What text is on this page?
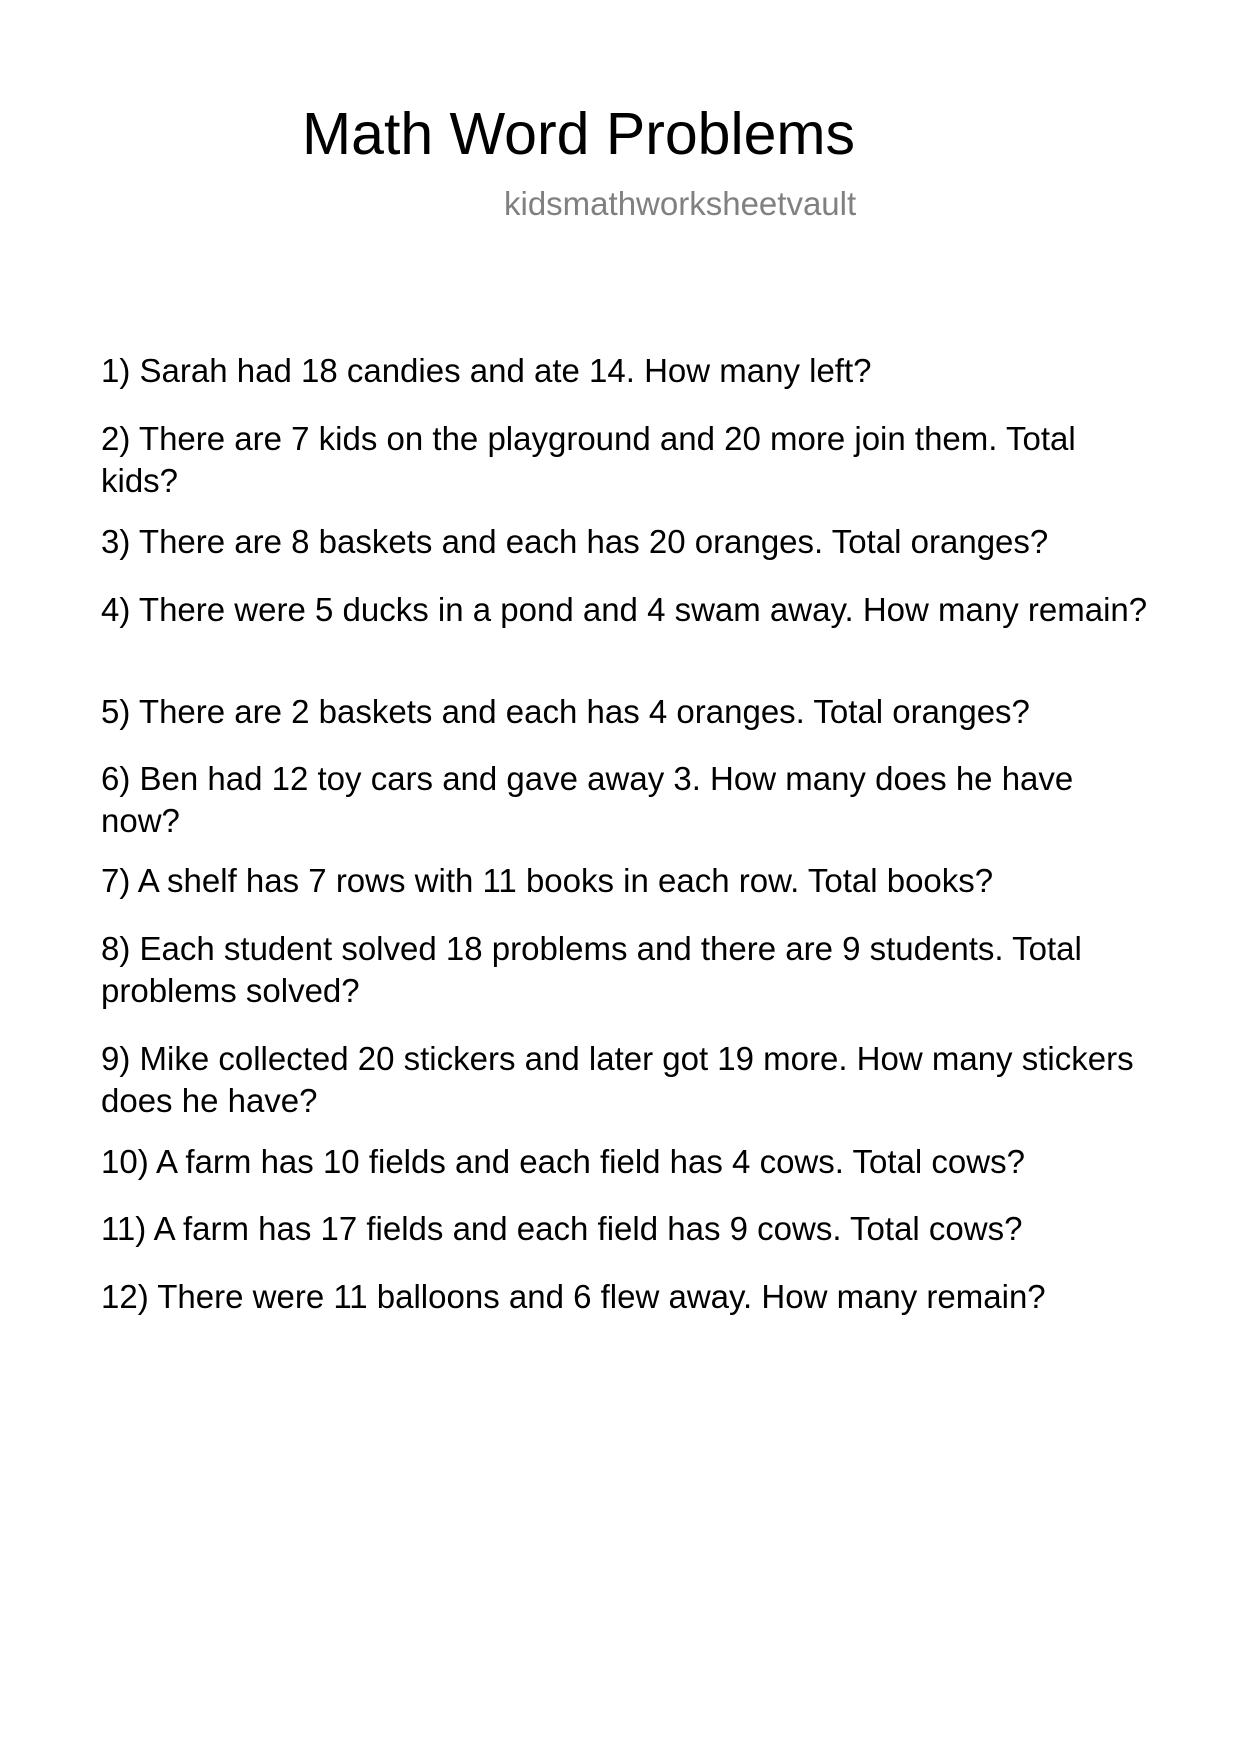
Math Word Problems
kidsmathworksheetvault
1) Sarah had 18 candies and ate 14. How many left?
2) There are 7 kids on the playground and 20 more join them. Total kids?
3) There are 8 baskets and each has 20 oranges. Total oranges?
4) There were 5 ducks in a pond and 4 swam away. How many remain?
5) There are 2 baskets and each has 4 oranges. Total oranges?
6) Ben had 12 toy cars and gave away 3. How many does he have now?
7) A shelf has 7 rows with 11 books in each row. Total books?
8) Each student solved 18 problems and there are 9 students. Total problems solved?
9) Mike collected 20 stickers and later got 19 more. How many stickers does he have?
10) A farm has 10 fields and each field has 4 cows. Total cows?
11) A farm has 17 fields and each field has 9 cows. Total cows?
12) There were 11 balloons and 6 flew away. How many remain?
